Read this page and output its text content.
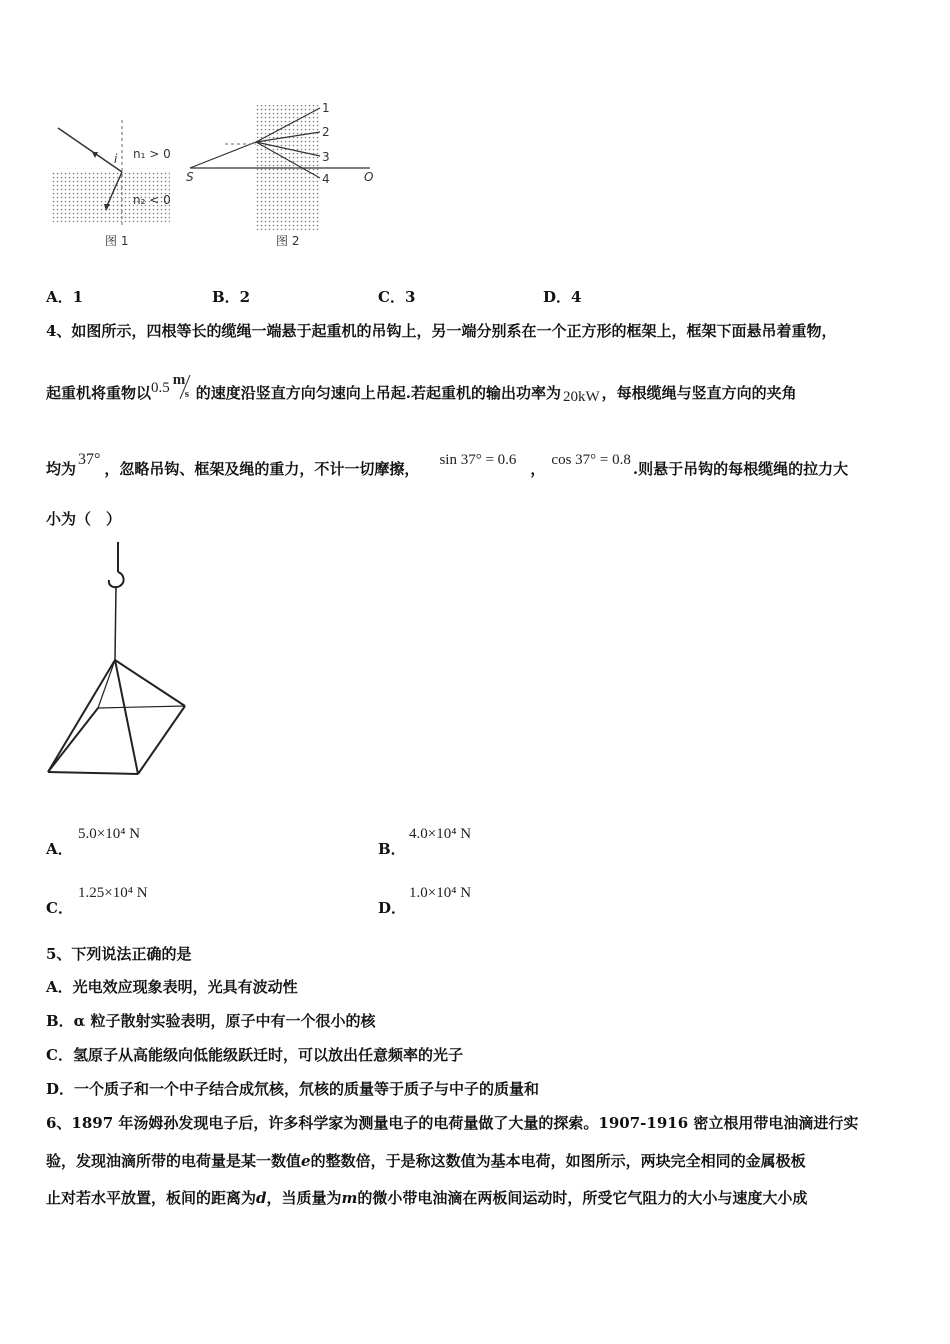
n₁ > 0
n₂ < 0
i
图 1
S	O
1
2
3
4
图 2
A．1	B．2	C．3	D．4
4、如图所示，四根等长的缆绳一端悬于起重机的吊钩上，另一端分别系在一个正方形的框架上，框架下面悬吊着重物，
起重机将重物以0.5 m
s 的速度沿竖直方向匀速向上吊起.若起重机的输出功率为 20kW ，每根缆绳与竖直方向的夹角
均为37°，忽略吊钩、框架及绳的重力，不计一切摩擦， sin 37° = 0.6 ， cos 37° = 0.8 .则悬于吊钩的每根缆绳的拉力大
小为（　）
A．
5.0×10⁴ N
B．
4.0×10⁴ N
C．
1.25×10⁴ N
D．
1.0×10⁴ N
5、下列说法正确的是
A．光电效应现象表明，光具有波动性
B．α 粒子散射实验表明，原子中有一个很小的核
C．氢原子从高能级向低能级跃迁时，可以放出任意频率的光子
D．一个质子和一个中子结合成氘核，氘核的质量等于质子与中子的质量和
6、1897 年汤姆孙发现电子后，许多科学家为测量电子的电荷量做了大量的探索。1907-1916 密立根用带电油滴进行实
验，发现油滴所带的电荷量是某一数值e的整数倍，于是称这数值为基本电荷，如图所示，两块完全相同的金属极板
止对若水平放置，板间的距离为d，当质量为m的微小带电油滴在两板间运动时，所受它气阻力的大小与速度大小成
